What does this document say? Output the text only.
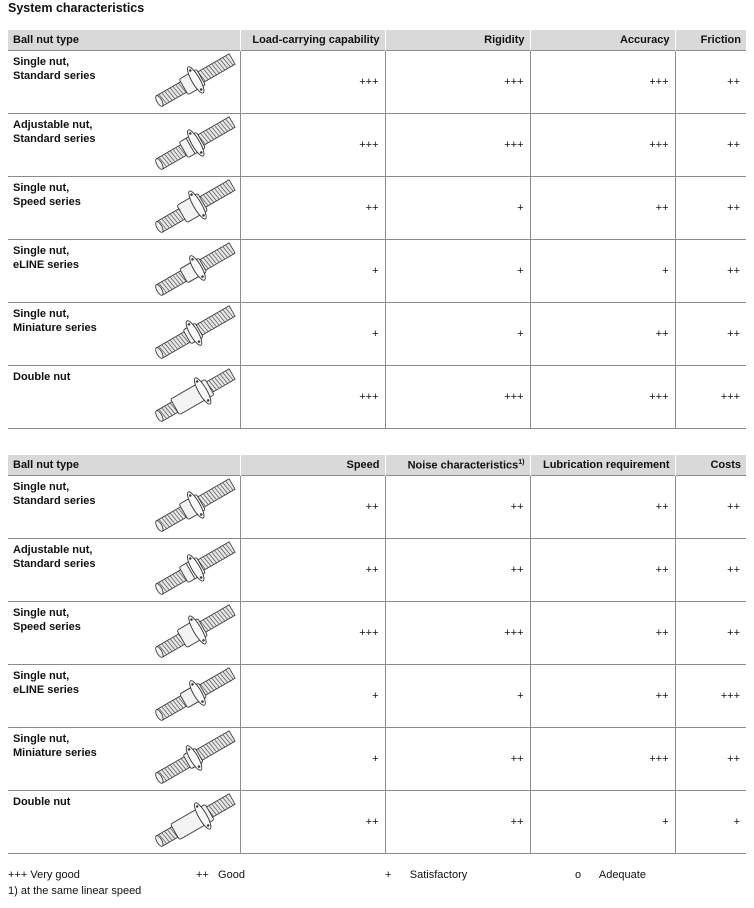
System characteristics
Ball nut type	Load-carrying capability	Rigidity	Accuracy	Friction

Single nut,
Standard series	+++	+++	+++	++

Adjustable nut,
Standard series	+++	+++	+++	++

Single nut,
Speed series	++	+	++	++

Single nut,
eLINE series	+	+	+	++

Single nut,
Miniature series	+	+	++	++

Double nut	+++	+++	+++	+++
Ball nut type	Speed	Noise characteristics$^{1)}$	Lubrication requirement	Costs

Single nut,
Standard series	++	++	++	++

Adjustable nut,
Standard series	++	++	++	++

Single nut,
Speed series	+++	+++	++	++

Single nut,
eLINE series	+	+	++	+++

Single nut,
Miniature series	+	++	+++	++

Double nut	++	++	+	+
+++ Very good	++ Good	+ Satisfactory	o Adequate
1) at the same linear speed
